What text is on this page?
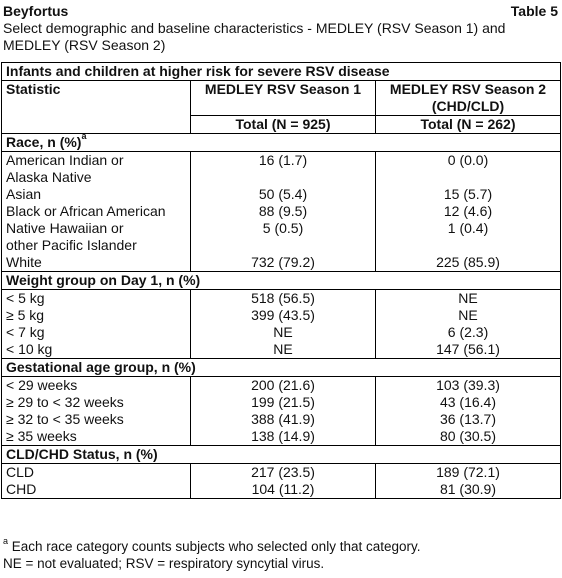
Beyfortus	Table 5
Select demographic and baseline characteristics - MEDLEY (RSV Season 1) and MEDLEY (RSV Season 2)
Infants and children at higher risk for severe RSV disease		
Statistic	MEDLEY RSV Season 1	MEDLEY RSV Season 2
(CHD/CLD)

	Total (N = 925)	Total (N = 262)
Race, n (%)$^a$

American Indian or
Alaska Native	16 (1.7)	0 (0.0)
Asian	50 (5.4)	15 (5.7)
Black or African American	88 (9.5)	12 (4.6)

Native Hawaiian or
other Pacific Islander	5 (0.5)	1 (0.4)
White	732 (79.2)	225 (85.9)
Weight group on Day 1, n (%)		
< 5 kg	518 (56.5)	NE
≥ 5 kg	399 (43.5)	NE
< 7 kg	NE	6 (2.3)
< 10 kg	NE	147 (56.1)
Gestational age group, n (%)		
< 29 weeks	200 (21.6)	103 (39.3)
≥ 29 to < 32 weeks	199 (21.5)	43 (16.4)
≥ 32 to < 35 weeks	388 (41.9)	36 (13.7)
≥ 35 weeks	138 (14.9)	80 (30.5)
CLD/CHD Status, n (%)		
CLD	217 (23.5)	189 (72.1)
CHD	104 (11.2)	81 (30.9)
$^a$ Each race category counts subjects who selected only that category.
NE = not evaluated; RSV = respiratory syncytial virus.
